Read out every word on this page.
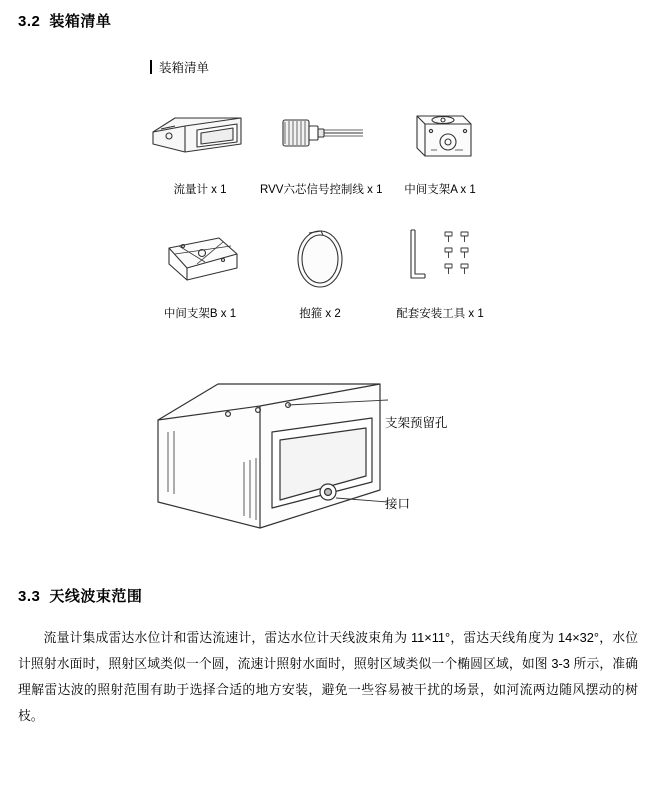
3.2 装箱清单
装箱清单
流量计 x 1	RVV六芯信号控制线 x 1	中间支架A x 1
中间支架B x 1	抱箍 x 2	配套安装工具 x 1
支架预留孔
接口
3.3 天线波束范围

流量计集成雷达水位计和雷达流速计，雷达水位计天线波束角为 11×11°，雷达天线角度为 14×32°，水位计照射水面时，照射区域类似一个圆，流速计照射水面时，照射区域类似一个椭圆区域，如图 3-3 所示，准确理解雷达波的照射范围有助于选择合适的地方安装，避免一些容易被干扰的场景，如河流两边随风摆动的树枝。
